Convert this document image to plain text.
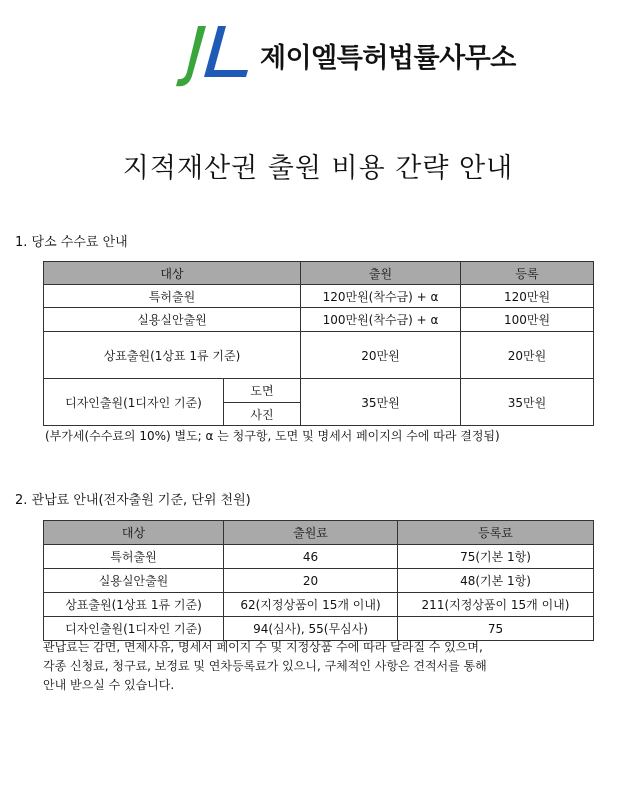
제이엘특허법률사무소
지적재산권 출원 비용 간략 안내
1. 당소 수수료 안내
대상		출원	등록
특허출원		120만원(착수금) + α	120만원
실용실안출원		100만원(착수금) + α	100만원
상표출원(1상표 1류 기준)		20만원	20만원
디자인출원(1디자인 기준)	도면	35만원	35만원
	사진		
(부가세(수수료의 10%) 별도; α 는 청구항, 도면 및 명세서 페이지의 수에 따라 결정됨)
2. 관납료 안내(전자출원 기준, 단위 천원)
대상	출원료	등록료
특허출원	46	75(기본 1항)
실용실안출원	20	48(기본 1항)
상표출원(1상표 1류 기준)	62(지정상품이 15개 이내)	211(지정상품이 15개 이내)
디자인출원(1디자인 기준)	94(심사), 55(무심사)	75
관납료는 감면, 면제사유, 명세서 페이지 수 및 지정상품 수에 따라 달라질 수 있으며,
각종 신청료, 청구료, 보정료 및 연차등록료가 있으니, 구체적인 사항은 견적서를 통해
안내 받으실 수 있습니다.
